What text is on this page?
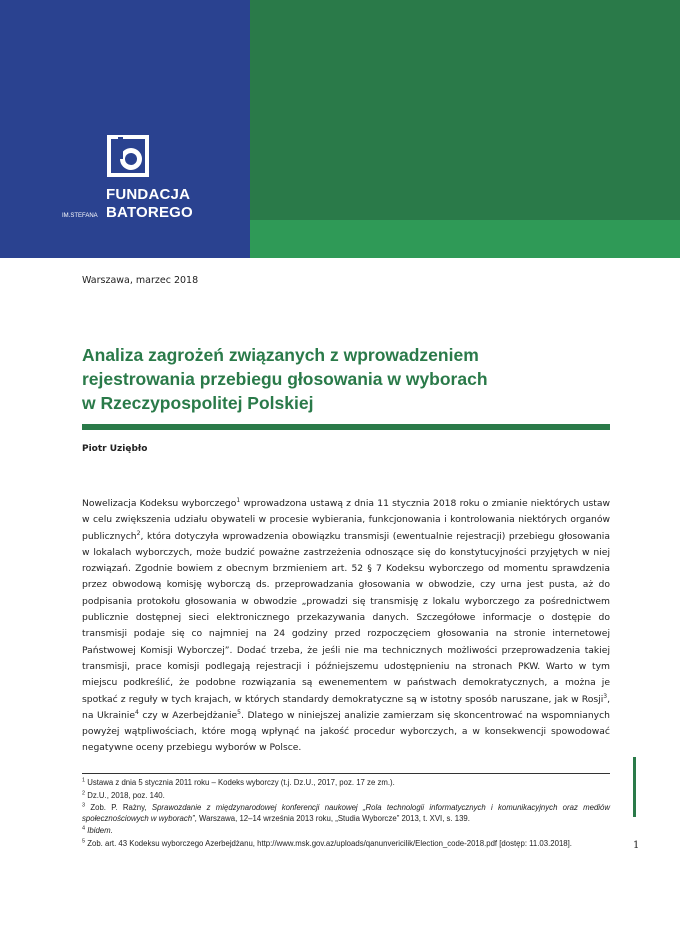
FUNDACJA
IM.STEFANA BATOREGO
Warszawa, marzec 2018
Analiza zagrożeń związanych z wprowadzeniem
rejestrowania przebiegu głosowania w wyborach
w Rzeczypospolitej Polskiej
Piotr Uziębło

Nowelizacja Kodeksu wyborczego$^1$ wprowadzona ustawą z dnia 11 stycznia 2018 roku o zmianie niektórych ustaw w celu zwiększenia udziału obywateli w procesie wybierania, funkcjonowania i kontrolowania niektórych organów publicznych$^2$, która dotyczyła wprowadzenia obowiązku transmisji (ewentualnie rejestracji) przebiegu głosowania w lokalach wyborczych, może budzić poważne zastrzeżenia odnoszące się do konstytucyjności przyjętych w niej rozwiązań. Zgodnie bowiem z obecnym brzmieniem art. 52 § 7 Kodeksu wyborczego od momentu sprawdzenia przez obwodową komisję wyborczą ds. przeprowadzania głosowania w obwodzie, czy urna jest pusta, aż do podpisania protokołu głosowania w obwodzie „prowadzi się transmisję z lokalu wyborczego za pośrednictwem publicznie dostępnej sieci elektronicznego przekazywania danych. Szczegółowe informacje o dostępie do transmisji podaje się co najmniej na 24 godziny przed rozpoczęciem głosowania na stronie internetowej Państwowej Komisji Wyborczej”. Dodać trzeba, że jeśli nie ma technicznych możliwości przeprowadzenia takiej transmisji, prace komisji podlegają rejestracji i późniejszemu udostępnieniu na stronach PKW. Warto w tym miejscu podkreślić, że podobne rozwiązania są ewenementem w państwach demokratycznych, a można je spotkać z reguły w tych krajach, w których standardy demokratyczne są w istotny sposób naruszane, jak w Rosji$^3$, na Ukrainie$^4$ czy w Azerbejdżanie$^5$. Dlatego w niniejszej analizie zamierzam się skoncentrować na wspomnianych powyżej wątpliwościach, które mogą wpłynąć na jakość procedur wyborczych, a w konsekwencji spowodować negatywne oceny przebiegu wyborów w Polsce.

$^1$ Ustawa z dnia 5 stycznia 2011 roku – Kodeks wyborczy (t.j. Dz.U., 2017, poz. 17 ze zm.).

$^2$ Dz.U., 2018, poz. 140.

$^3$ Zob. P. Rażny, Sprawozdanie z międzynarodowej konferencji naukowej „Rola technologii informatycznych i komunikacyjnych oraz mediów społecznościowych w wyborach”, Warszawa, 12–14 września 2013 roku, „Studia Wyborcze” 2013, t. XVI, s. 139.

$^4$ Ibidem.

$^5$ Zob. art. 43 Kodeksu wyborczego Azerbejdżanu, http://www.msk.gov.az/uploads/qanunvericilik/Election_code-2018.pdf [dostęp: 11.03.2018].	1
